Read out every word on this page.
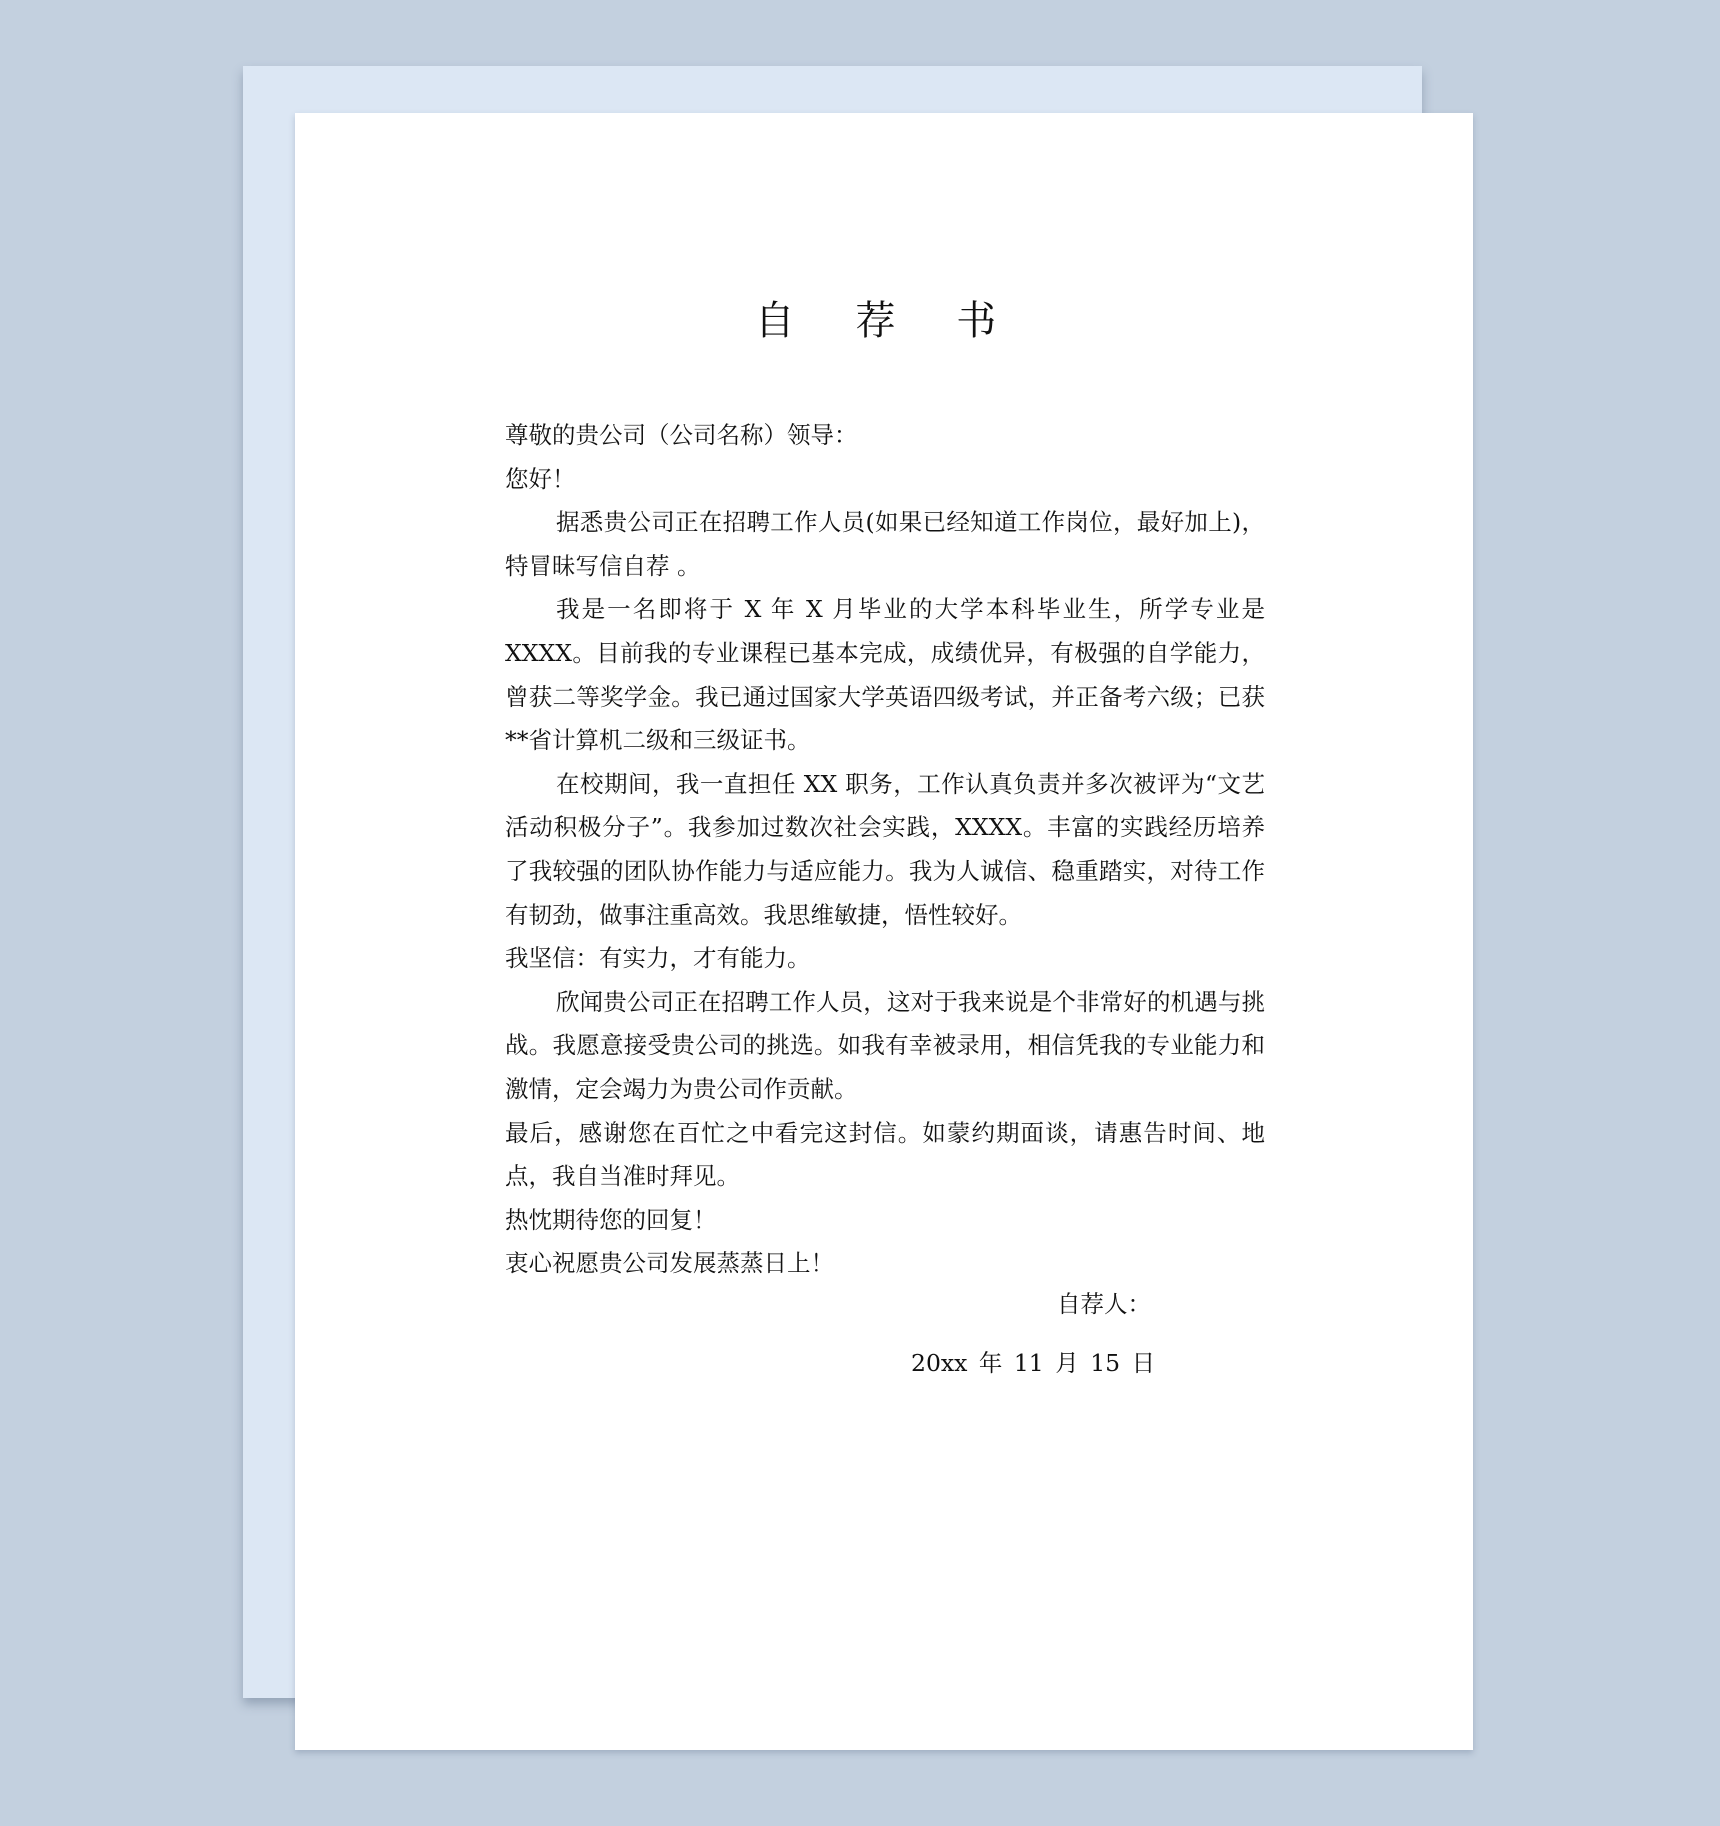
自 荐 书

尊敬的贵公司（公司名称）领导：

您好！

据悉贵公司正在招聘工作人员(如果已经知道工作岗位，最好加上)，特冒昧写信自荐 。

我是一名即将于 X 年 X 月毕业的大学本科毕业生，所学专业是 XXXX。目前我的专业课程已基本完成，成绩优异，有极强的自学能力，曾获二等奖学金。我已通过国家大学英语四级考试，并正备考六级；已获**省计算机二级和三级证书。

在校期间，我一直担任 XX 职务，工作认真负责并多次被评为“文艺活动积极分子”。我参加过数次社会实践，XXXX。丰富的实践经历培养了我较强的团队协作能力与适应能力。我为人诚信、稳重踏实，对待工作有韧劲，做事注重高效。我思维敏捷，悟性较好。

我坚信：有实力，才有能力。

欣闻贵公司正在招聘工作人员，这对于我来说是个非常好的机遇与挑战。我愿意接受贵公司的挑选。如我有幸被录用，相信凭我的专业能力和激情，定会竭力为贵公司作贡献。

最后，感谢您在百忙之中看完这封信。如蒙约期面谈，请惠告时间、地点，我自当准时拜见。

热忱期待您的回复！

衷心祝愿贵公司发展蒸蒸日上！

自荐人：
20xx 年 11 月 15 日
